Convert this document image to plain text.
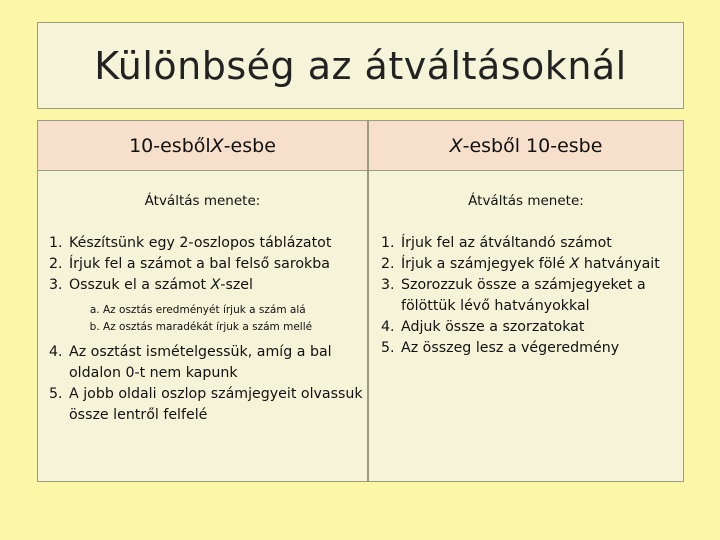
Különbség az átváltásoknál
10-esből X -esbe
Átváltás menete:
1. Készítsünk egy 2-oszlopos táblázatot
2. Írjuk fel a számot a bal felső sarokba
3. Osszuk el a számot X-szel
a. Az osztás eredményét írjuk a szám alá
b. Az osztás maradékát írjuk a szám mellé
4. Az osztást ismételgessük, amíg a bal oldalon 0-t nem kapunk
5. A jobb oldali oszlop számjegyeit olvassuk össze lentről felfelé
X -esből 10-esbe
Átváltás menete:
1. Írjuk fel az átváltandó számot
2. Írjuk a számjegyek fölé X hatványait
3. Szorozzuk össze a számjegyeket a fölöttük lévő hatványokkal
4. Adjuk össze a szorzatokat
5. Az összeg lesz a végeredmény
